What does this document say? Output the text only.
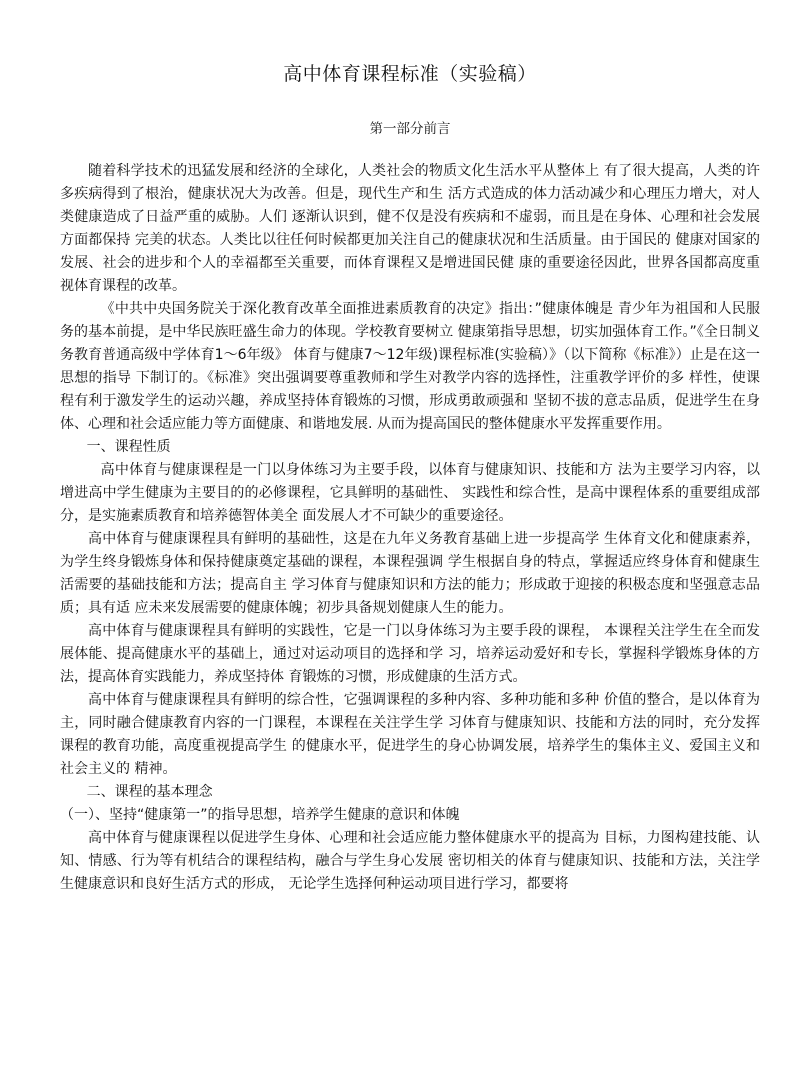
高中体育课程标准（实验稿）
第一部分前言

随着科学技术的迅猛发展和经济的全球化，人类社会的物质文化生活水平从整体上 有了很大提高，人类的许多疾病得到了根治，健康状况大为改善。但是，现代生产和生 活方式造成的体力活动减少和心理压力增大，对人类健康造成了日益严重的威胁。人们 逐渐认识到，健不仅是没有疾病和不虚弱，而且是在身体、心理和社会发展方面都保持 完美的状态。人类比以往任何时候都更加关注自己的健康状况和生活质量。由于国民的 健康对国家的发展、社会的进步和个人的幸福都至关重要，而体育课程又是增进国民健 康的重要途径因此，世界各国都高度重视体育课程的改革。

《中共中央国务院关于深化教育改革全面推进素质教育的决定》指出：”健康体魄是 青少年为祖国和人民服务的基本前提，是中华民族旺盛生命力的体现。学校教育要树立 健康第指导思想，切实加强体育工作。”《全日制义务教育普通高级中学体育1～6年级》 体育与健康7～12年级)课程标准(实验稿）》（以下简称《标准》）止是在这一思想的指导 下制订的。《标准》突出强调要尊重教师和学生对教学内容的选择性，注重教学评价的多 样性，使课程有利于激发学生的运动兴趣，养成坚持体育锻炼的习惯，形成勇敢顽强和 坚韧不拔的意志品质，促进学生在身体、心理和社会适应能力等方面健康、和谐地发展. 从而为提高国民的整体健康水平发挥重要作用。

一、课程性质

高中体育与健康课程是一门以身体练习为主要手段，以体育与健康知识、技能和方 法为主要学习内容，以增进高中学生健康为主要目的的必修课程，它具鲜明的基础性、 实践性和综合性，是高中课程体系的重要组成部分，是实施素质教育和培养德智体美全 面发展人才不可缺少的重要途径。

高中体育与健康课程具有鲜明的基础性，这是在九年义务教育基础上进一步提高学 生体育文化和健康素养，为学生终身锻炼身体和保持健康奠定基础的课程，本课程强调 学生根据自身的特点，掌握适应终身体育和健康生活需要的基础技能和方法；提高自主 学习体育与健康知识和方法的能力；形成敢于迎接的积极态度和坚强意志品质；具有适 应未来发展需要的健康体魄；初步具备规划健康人生的能力。

高中体育与健康课程具有鲜明的实践性，它是一门以身体练习为主要手段的课程， 本课程关注学生在全而发展体能、提高健康水平的基础上，通过对运动项目的选择和学 习，培养运动爱好和专长，掌握科学锻炼身体的方法，提高体育实践能力，养成坚持体 育锻炼的习惯，形成健康的生活方式。

高中体育与健康课程具有鲜明的综合性，它强调课程的多种内容、多种功能和多种 价值的整合，是以体育为主，同时融合健康教育内容的一门课程，本课程在关注学生学 习体育与健康知识、技能和方法的同时，充分发挥课程的教育功能，高度重视提高学生 的健康水平，促进学生的身心协调发展，培养学生的集体主义、爱国主义和社会主义的 精神。

二、课程的基本理念

（一）、坚持“健康第一”的指导思想，培养学生健康的意识和体魄

高中体育与健康课程以促进学生身体、心理和社会适应能力整体健康水平的提高为 目标，力图构建技能、认知、情感、行为等有机结合的课程结构，融合与学生身心发展 密切相关的体育与健康知识、技能和方法，关注学生健康意识和良好生活方式的形成， 无论学生选择何种运动项目进行学习，都要将
